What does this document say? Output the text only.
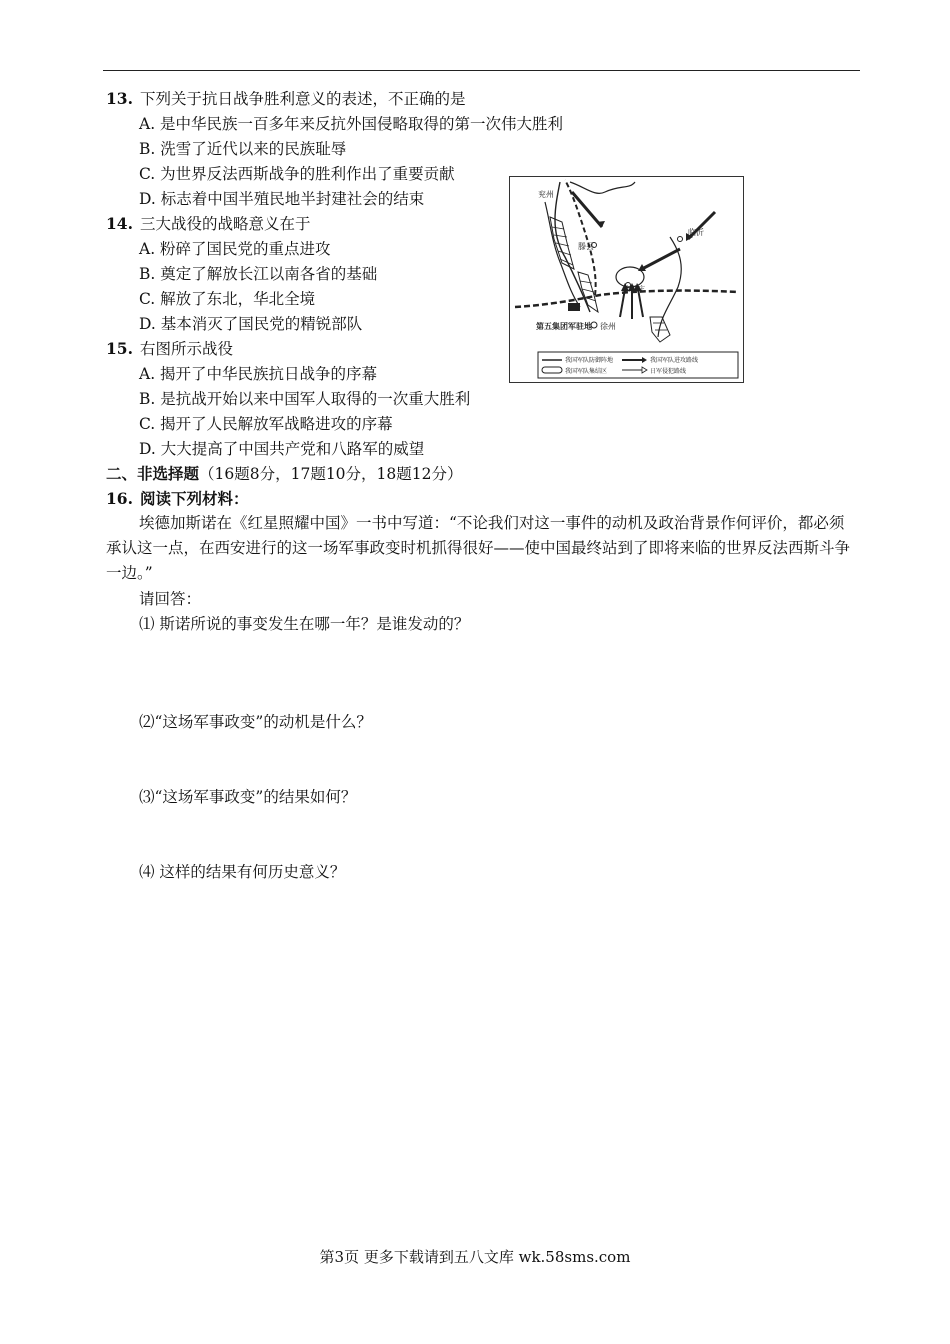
13. 下列关于抗日战争胜利意义的表述，不正确的是
A. 是中华民族一百多年来反抗外国侵略取得的第一次伟大胜利
B. 洗雪了近代以来的民族耻辱
C. 为世界反法西斯战争的胜利作出了重要贡献
D. 标志着中国半殖民地半封建社会的结束
14. 三大战役的战略意义在于
A. 粉碎了国民党的重点进攻
B. 奠定了解放长江以南各省的基础
C. 解放了东北，华北全境
D. 基本消灭了国民党的精锐部队
15. 右图所示战役
A. 揭开了中华民族抗日战争的序幕
B. 是抗战开始以来中国军人取得的一次重大胜利
C. 揭开了人民解放军战略进攻的序幕
D. 大大提高了中国共产党和八路军的威望
兖州
滕县
临沂
台儿庄
第五集团军驻地 徐州
我国军队防御阵地	我国军队进攻路线
我国军队集结区	日军侵犯路线
二、非选择题（16题8分，17题10分，18题12分）
16. 阅读下列材料：
埃德加斯诺在《红星照耀中国》一书中写道：“不论我们对这一事件的动机及政治背景作何评价，都必须承认这一点，在西安进行的这一场军事政变时机抓得很好——使中国最终站到了即将来临的世界反法西斯斗争一边。”
请回答：
⑴ 斯诺所说的事变发生在哪一年？是谁发动的？
⑵“这场军事政变”的动机是什么？
⑶“这场军事政变”的结果如何？
⑷ 这样的结果有何历史意义？
第3页 更多下载请到五八文库 wk.58sms.com
